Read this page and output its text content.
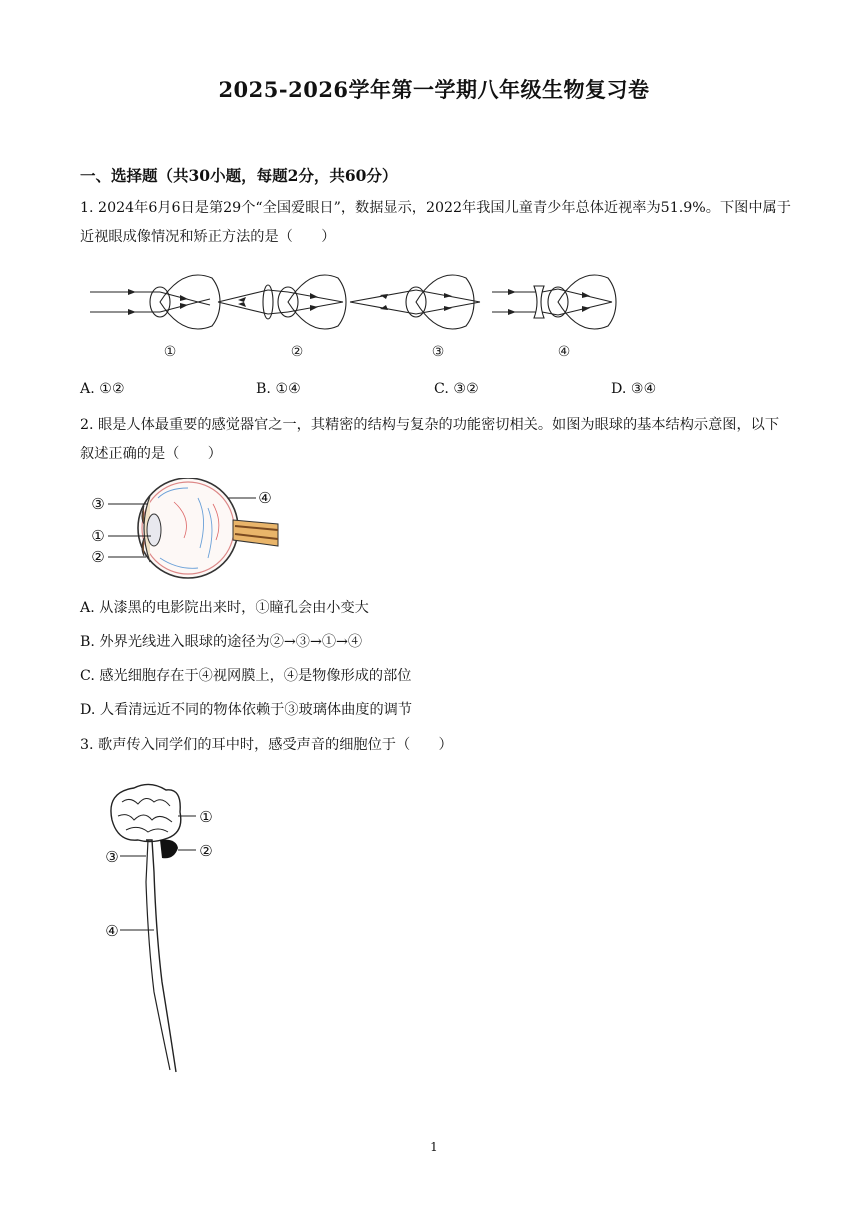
2025-2026学年第一学期八年级生物复习卷
一、选择题（共30小题，每题2分，共60分）
1. 2024年6月6日是第29个“全国爱眼日”，数据显示，2022年我国儿童青少年总体近视率为51.9%。下图中属于近视眼成像情况和矫正方法的是（　　）
①	②	③	④
A. ①②	B. ①④	C. ③②	D. ③④
2. 眼是人体最重要的感觉器官之一，其精密的结构与复杂的功能密切相关。如图为眼球的基本结构示意图，以下叙述正确的是（　　）
③
①
②
④
A. 从漆黑的电影院出来时，①瞳孔会由小变大
B. 外界光线进入眼球的途径为②→③→①→④
C. 感光细胞存在于④视网膜上，④是物像形成的部位
D. 人看清远近不同的物体依赖于③玻璃体曲度的调节
3. 歌声传入同学们的耳中时，感受声音的细胞位于（　　）
①
②
③
④
1
